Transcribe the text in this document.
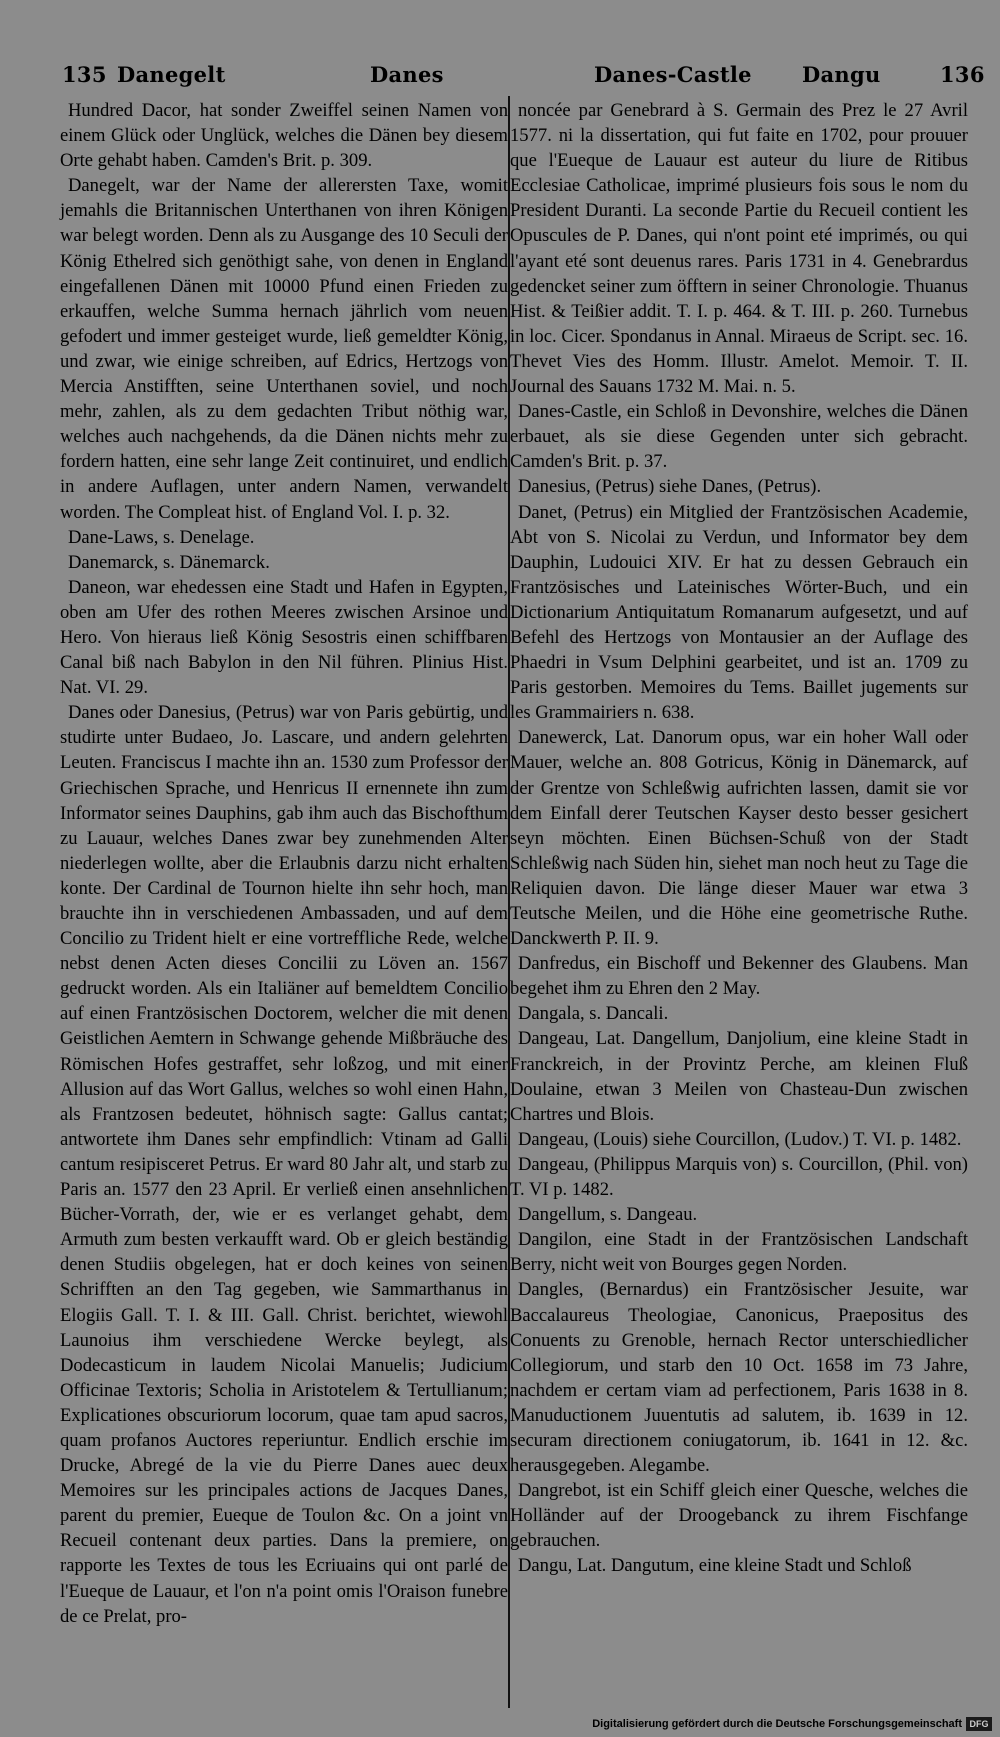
135 Danegelt	Danes	Danes-Castle Dangu	136

Hundred Dacor, hat sonder Zweiffel seinen Namen von einem Glück oder Unglück, welches die Dänen bey diesem Orte gehabt haben. Camden's Brit. p. 309.

Danegelt, war der Name der allerersten Taxe, womit jemahls die Britannischen Unterthanen von ihren Königen war belegt worden. Denn als zu Ausgange des 10 Seculi der König Ethelred sich genöthigt sahe, von denen in England eingefallenen Dänen mit 10000 Pfund einen Frieden zu erkauffen, welche Summa hernach jährlich vom neuen gefodert und immer gesteiget wurde, ließ gemeldter König, und zwar, wie einige schreiben, auf Edrics, Hertzogs von Mercia Anstifften, seine Unterthanen soviel, und noch mehr, zahlen, als zu dem gedachten Tribut nöthig war, welches auch nachgehends, da die Dänen nichts mehr zu fordern hatten, eine sehr lange Zeit continuiret, und endlich in andere Auflagen, unter andern Namen, verwandelt worden. The Compleat hist. of England Vol. I. p. 32.

Dane-Laws, s. Denelage.

Danemarck, s. Dänemarck.

Daneon, war ehedessen eine Stadt und Hafen in Egypten, oben am Ufer des rothen Meeres zwischen Arsinoe und Hero. Von hieraus ließ König Sesostris einen schiffbaren Canal biß nach Babylon in den Nil führen. Plinius Hist. Nat. VI. 29.

Danes oder Danesius, (Petrus) war von Paris gebürtig, und studirte unter Budaeo, Jo. Lascare, und andern gelehrten Leuten. Franciscus I machte ihn an. 1530 zum Professor der Griechischen Sprache, und Henricus II ernennete ihn zum Informator seines Dauphins, gab ihm auch das Bischofthum zu Lauaur, welches Danes zwar bey zunehmenden Alter niederlegen wollte, aber die Erlaubnis darzu nicht erhalten konte. Der Cardinal de Tournon hielte ihn sehr hoch, man brauchte ihn in verschiedenen Ambassaden, und auf dem Concilio zu Trident hielt er eine vortreffliche Rede, welche nebst denen Acten dieses Concilii zu Löven an. 1567 gedruckt worden. Als ein Italiäner auf bemeldtem Concilio auf einen Frantzösischen Doctorem, welcher die mit denen Geistlichen Aemtern in Schwange gehende Mißbräuche des Römischen Hofes gestraffet, sehr loßzog, und mit einer Allusion auf das Wort Gallus, welches so wohl einen Hahn, als Frantzosen bedeutet, höhnisch sagte: Gallus cantat; antwortete ihm Danes sehr empfindlich: Vtinam ad Galli cantum resipisceret Petrus. Er ward 80 Jahr alt, und starb zu Paris an. 1577 den 23 April. Er verließ einen ansehnlichen Bücher-Vorrath, der, wie er es verlanget gehabt, dem Armuth zum besten verkaufft ward. Ob er gleich beständig denen Studiis obgelegen, hat er doch keines von seinen Schrifften an den Tag gegeben, wie Sammarthanus in Elogiis Gall. T. I. & III. Gall. Christ. berichtet, wiewohl Launoius ihm verschiedene Wercke beylegt, als Dodecasticum in laudem Nicolai Manuelis; Judicium Officinae Textoris; Scholia in Aristotelem & Tertullianum; Explicationes obscuriorum locorum, quae tam apud sacros, quam profanos Auctores reperiuntur. Endlich erschie im Drucke, Abregé de la vie du Pierre Danes auec deux Memoires sur les principales actions de Jacques Danes, parent du premier, Eueque de Toulon &c. On a joint vn Recueil contenant deux parties. Dans la premiere, on rapporte les Textes de tous les Ecriuains qui ont parlé de l'Eueque de Lauaur, et l'on n'a point omis l'Oraison funebre de ce Prelat, pro-

noncée par Genebrard à S. Germain des Prez le 27 Avril 1577. ni la dissertation, qui fut faite en 1702, pour prouuer que l'Eueque de Lauaur est auteur du liure de Ritibus Ecclesiae Catholicae, imprimé plusieurs fois sous le nom du President Duranti. La seconde Partie du Recueil contient les Opuscules de P. Danes, qui n'ont point eté imprimés, ou qui l'ayant eté sont deuenus rares. Paris 1731 in 4. Genebrardus gedencket seiner zum öfftern in seiner Chronologie. Thuanus Hist. & Teißier addit. T. I. p. 464. & T. III. p. 260. Turnebus in loc. Cicer. Spondanus in Annal. Miraeus de Script. sec. 16. Thevet Vies des Homm. Illustr. Amelot. Memoir. T. II. Journal des Sauans 1732 M. Mai. n. 5.

Danes-Castle, ein Schloß in Devonshire, welches die Dänen erbauet, als sie diese Gegenden unter sich gebracht. Camden's Brit. p. 37.

Danesius, (Petrus) siehe Danes, (Petrus).

Danet, (Petrus) ein Mitglied der Frantzösischen Academie, Abt von S. Nicolai zu Verdun, und Informator bey dem Dauphin, Ludouici XIV. Er hat zu dessen Gebrauch ein Frantzösisches und Lateinisches Wörter-Buch, und ein Dictionarium Antiquitatum Romanarum aufgesetzt, und auf Befehl des Hertzogs von Montausier an der Auflage des Phaedri in Vsum Delphini gearbeitet, und ist an. 1709 zu Paris gestorben. Memoires du Tems. Baillet jugements sur les Grammairiers n. 638.

Danewerck, Lat. Danorum opus, war ein hoher Wall oder Mauer, welche an. 808 Gotricus, König in Dänemarck, auf der Grentze von Schleßwig aufrichten lassen, damit sie vor dem Einfall derer Teutschen Kayser desto besser gesichert seyn möchten. Einen Büchsen-Schuß von der Stadt Schleßwig nach Süden hin, siehet man noch heut zu Tage die Reliquien davon. Die länge dieser Mauer war etwa 3 Teutsche Meilen, und die Höhe eine geometrische Ruthe. Danckwerth P. II. 9.

Danfredus, ein Bischoff und Bekenner des Glaubens. Man begehet ihm zu Ehren den 2 May.

Dangala, s. Dancali.

Dangeau, Lat. Dangellum, Danjolium, eine kleine Stadt in Franckreich, in der Provintz Perche, am kleinen Fluß Doulaine, etwan 3 Meilen von Chasteau-Dun zwischen Chartres und Blois.

Dangeau, (Louis) siehe Courcillon, (Ludov.) T. VI. p. 1482.

Dangeau, (Philippus Marquis von) s. Courcillon, (Phil. von) T. VI p. 1482.

Dangellum, s. Dangeau.

Dangilon, eine Stadt in der Frantzösischen Landschaft Berry, nicht weit von Bourges gegen Norden.

Dangles, (Bernardus) ein Frantzösischer Jesuite, war Baccalaureus Theologiae, Canonicus, Praepositus des Conuents zu Grenoble, hernach Rector unterschiedlicher Collegiorum, und starb den 10 Oct. 1658 im 73 Jahre, nachdem er certam viam ad perfectionem, Paris 1638 in 8. Manuductionem Juuentutis ad salutem, ib. 1639 in 12. securam directionem coniugatorum, ib. 1641 in 12. &c. herausgegeben. Alegambe.

Dangrebot, ist ein Schiff gleich einer Quesche, welches die Holländer auf der Droogebanck zu ihrem Fischfange gebrauchen.

Dangu, Lat. Dangutum, eine kleine Stadt und Schloß

Digitalisierung gefördert durch die Deutsche Forschungsgemeinschaft DFG
